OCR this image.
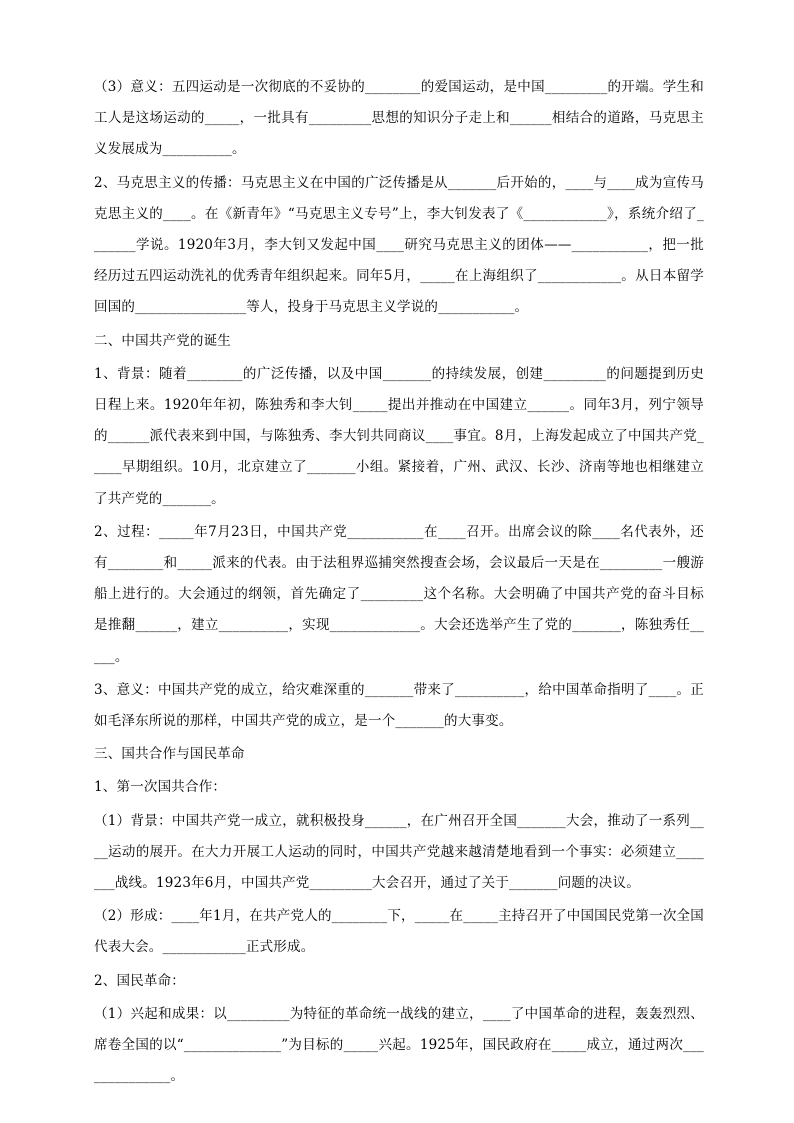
（3）意义：五四运动是一次彻底的不妥协的________的爱国运动，是中国_________的开端。学生和工人是这场运动的_____，一批具有_________思想的知识分子走上和______相结合的道路，马克思主义发展成为__________。

2、马克思主义的传播：马克思主义在中国的广泛传播是从_______后开始的，____与____成为宣传马克思主义的____。在《新青年》“马克思主义专号”上，李大钊发表了《____________》，系统介绍了_______学说。1920年3月，李大钊又发起中国____研究马克思主义的团体——___________，把一批经历过五四运动洗礼的优秀青年组织起来。同年5月，_____在上海组织了____________。从日本留学回国的________________等人，投身于马克思主义学说的___________。

二、中国共产党的诞生

1、背景：随着________的广泛传播，以及中国_______的持续发展，创建_________的问题提到历史日程上来。1920年年初，陈独秀和李大钊_____提出并推动在中国建立______。同年3月，列宁领导的______派代表来到中国，与陈独秀、李大钊共同商议____事宜。8月，上海发起成立了中国共产党_____早期组织。10月，北京建立了_______小组。紧接着，广州、武汉、长沙、济南等地也相继建立了共产党的_______。

2、过程：_____年7月23日，中国共产党___________在____召开。出席会议的除____名代表外，还有________和_____派来的代表。由于法租界巡捕突然搜查会场，会议最后一天是在_________一艘游船上进行的。大会通过的纲领，首先确定了_________这个名称。大会明确了中国共产党的奋斗目标是推翻______，建立__________，实现_____________。大会还选举产生了党的_______，陈独秀任_____。

3、意义：中国共产党的成立，给灾难深重的_______带来了__________，给中国革命指明了____。正如毛泽东所说的那样，中国共产党的成立，是一个_______的大事变。

三、国共合作与国民革命

1、第一次国共合作：

（1）背景：中国共产党一成立，就积极投身______，在广州召开全国_______大会，推动了一系列____运动的展开。在大力开展工人运动的同时，中国共产党越来越清楚地看到一个事实：必须建立_______战线。1923年6月，中国共产党_________大会召开，通过了关于_______问题的决议。

（2）形成：____年1月，在共产党人的________下，_____在_____主持召开了中国国民党第一次全国代表大会。____________正式形成。

2、国民革命：

（1）兴起和成果：以_________为特征的革命统一战线的建立，____了中国革命的进程，轰轰烈烈、席卷全国的以“______________”为目标的_____兴起。1925年，国民政府在_____成立，通过两次______________。
